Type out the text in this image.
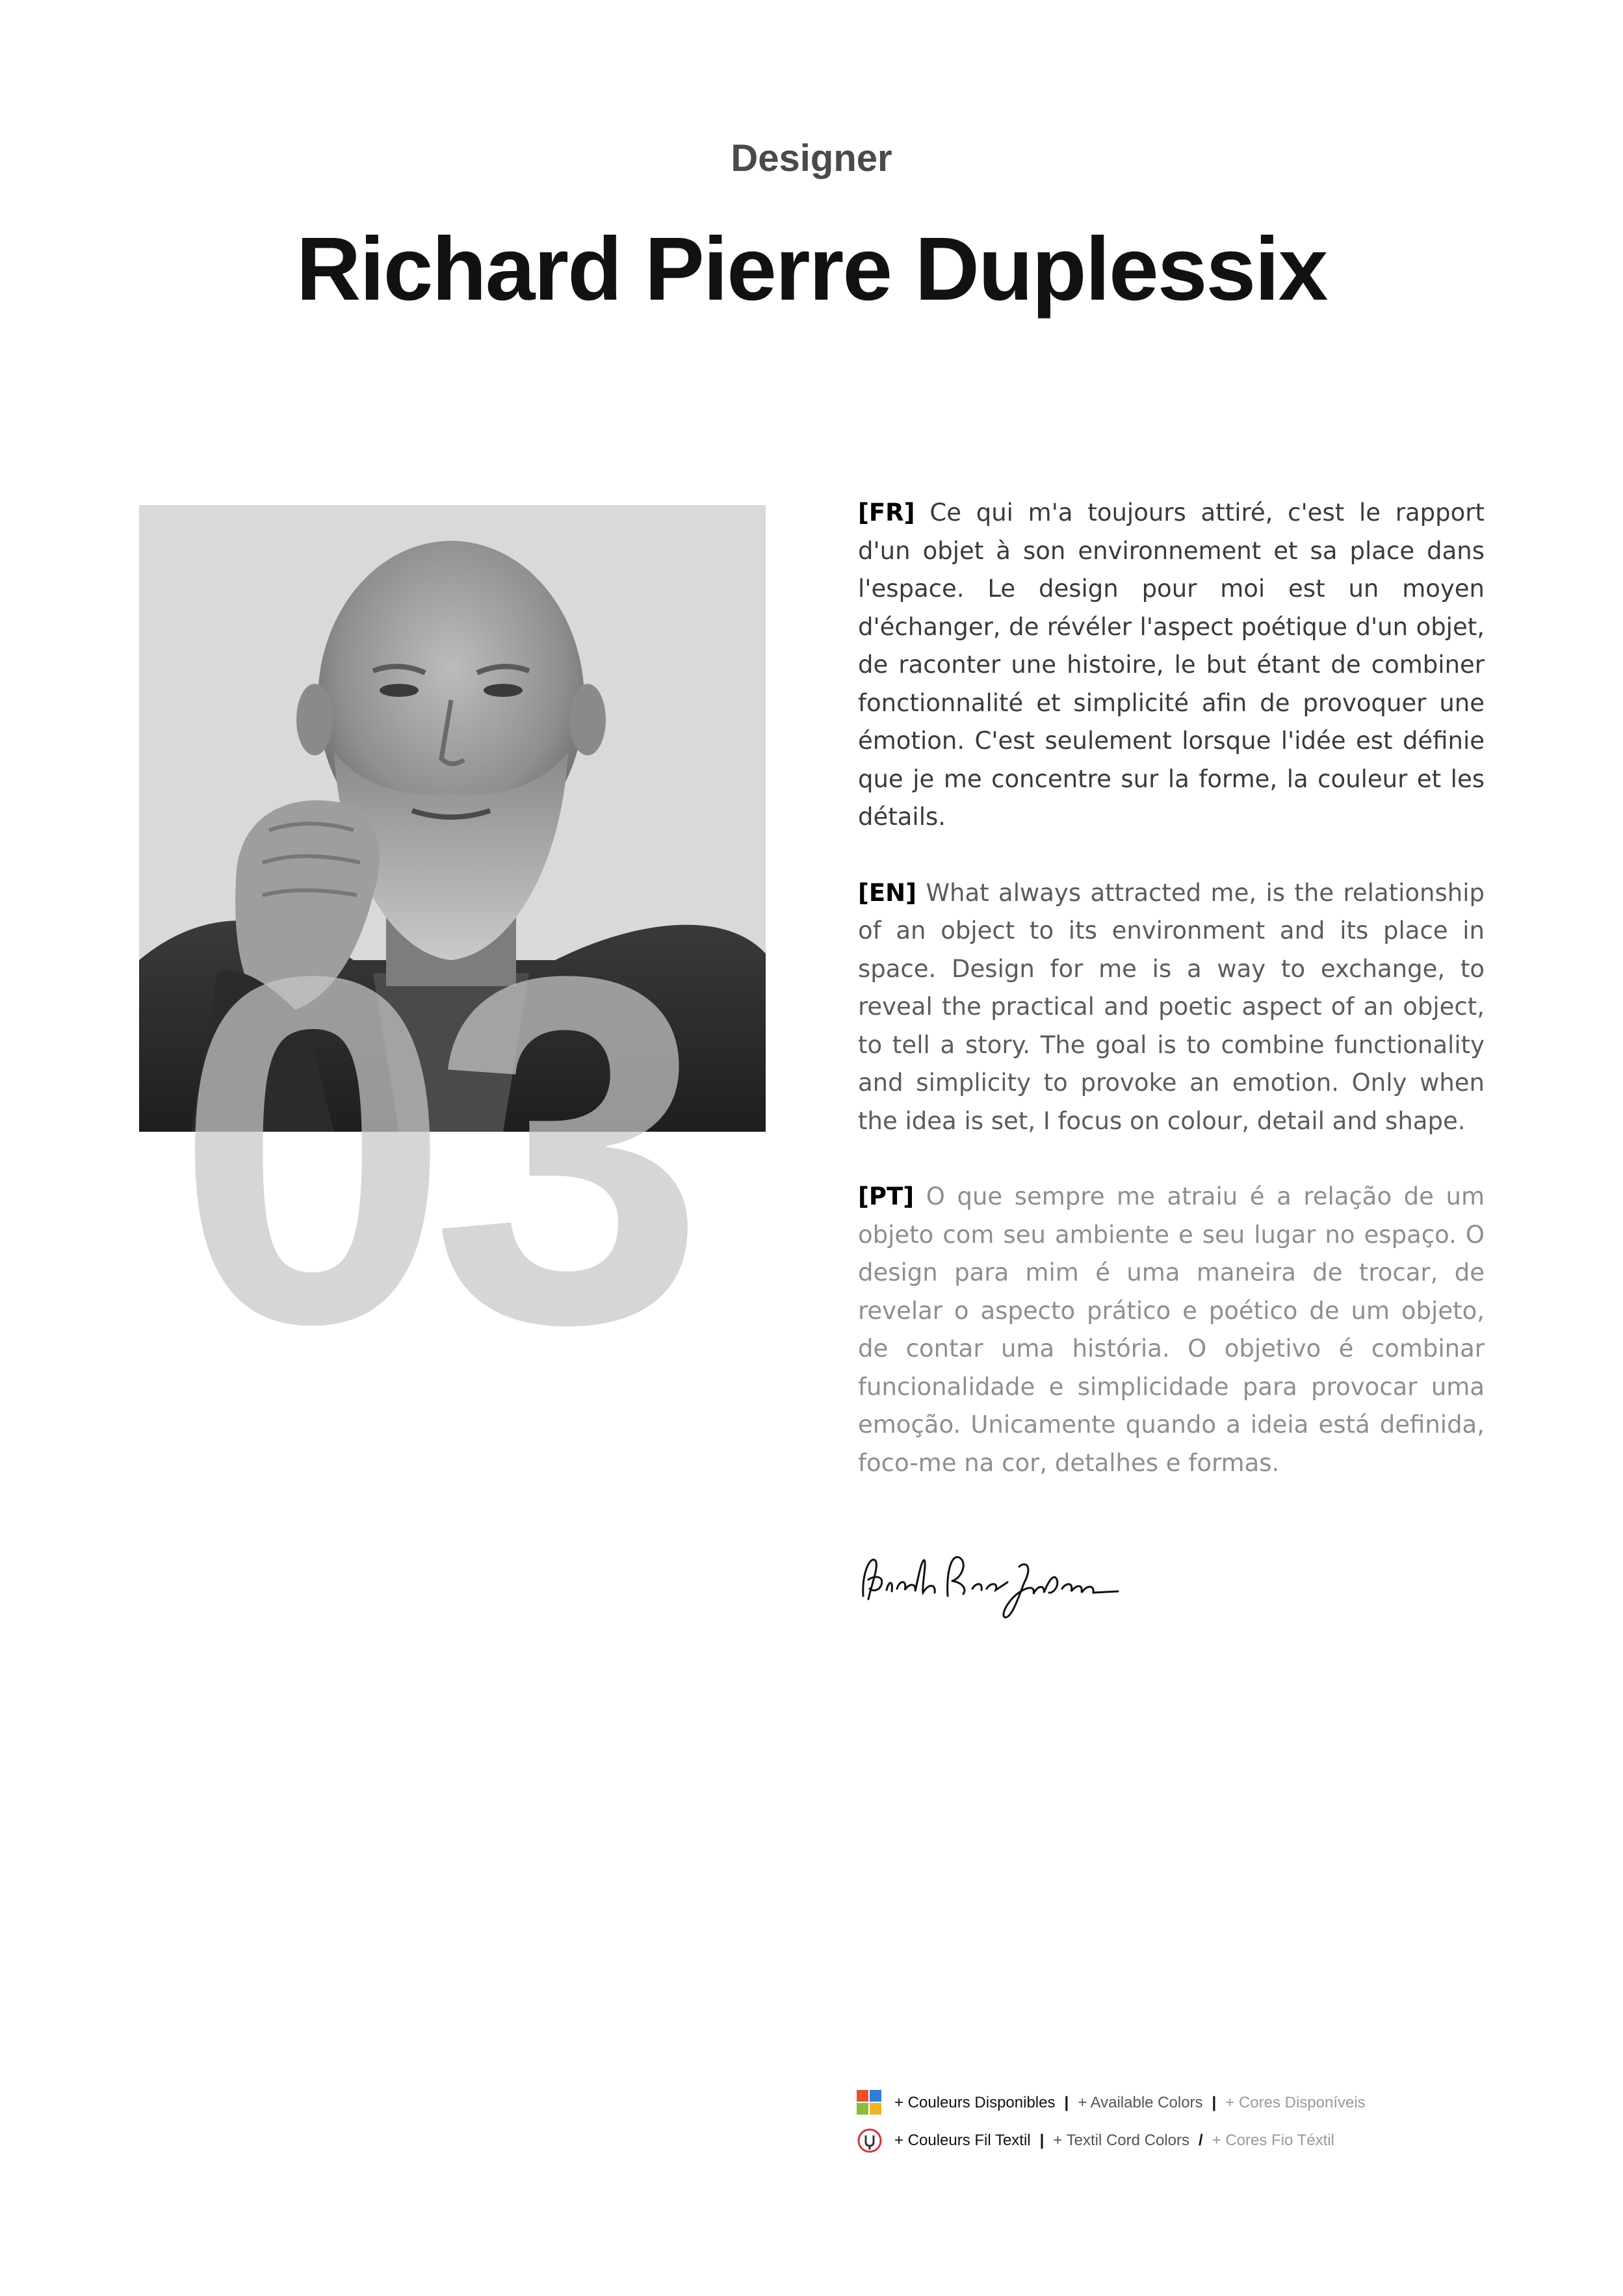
Designer
Richard Pierre Duplessix
03

[FR] Ce qui m'a toujours attiré, c'est le rapport d'un objet à son environnement et sa place dans l'espace. Le design pour moi est un moyen d'échanger, de révéler l'aspect poétique d'un objet, de raconter une histoire, le but étant de combiner fonctionnalité et simplicité afin de provoquer une émotion. C'est seulement lorsque l'idée est définie que je me concentre sur la forme, la couleur et les détails.

[EN] What always attracted me, is the relationship of an object to its environment and its place in space. Design for me is a way to exchange, to reveal the practical and poetic aspect of an object, to tell a story. The goal is to combine functionality and simplicity to provoke an emotion. Only when the idea is set, I focus on colour, detail and shape.

[PT] O que sempre me atraiu é a relação de um objeto com seu ambiente e seu lugar no espaço. O design para mim é uma maneira de trocar, de revelar o aspecto prático e poético de um objeto, de contar uma história. O objetivo é combinar funcionalidade e simplicidade para provocar uma emoção. Unicamente quando a ideia está definida, foco-me na cor, detalhes e formas.

+ Couleurs Disponibles | + Available Colors | + Cores Disponíveis
+ Couleurs Fil Textil | + Textil Cord Colors / + Cores Fio Téxtil
